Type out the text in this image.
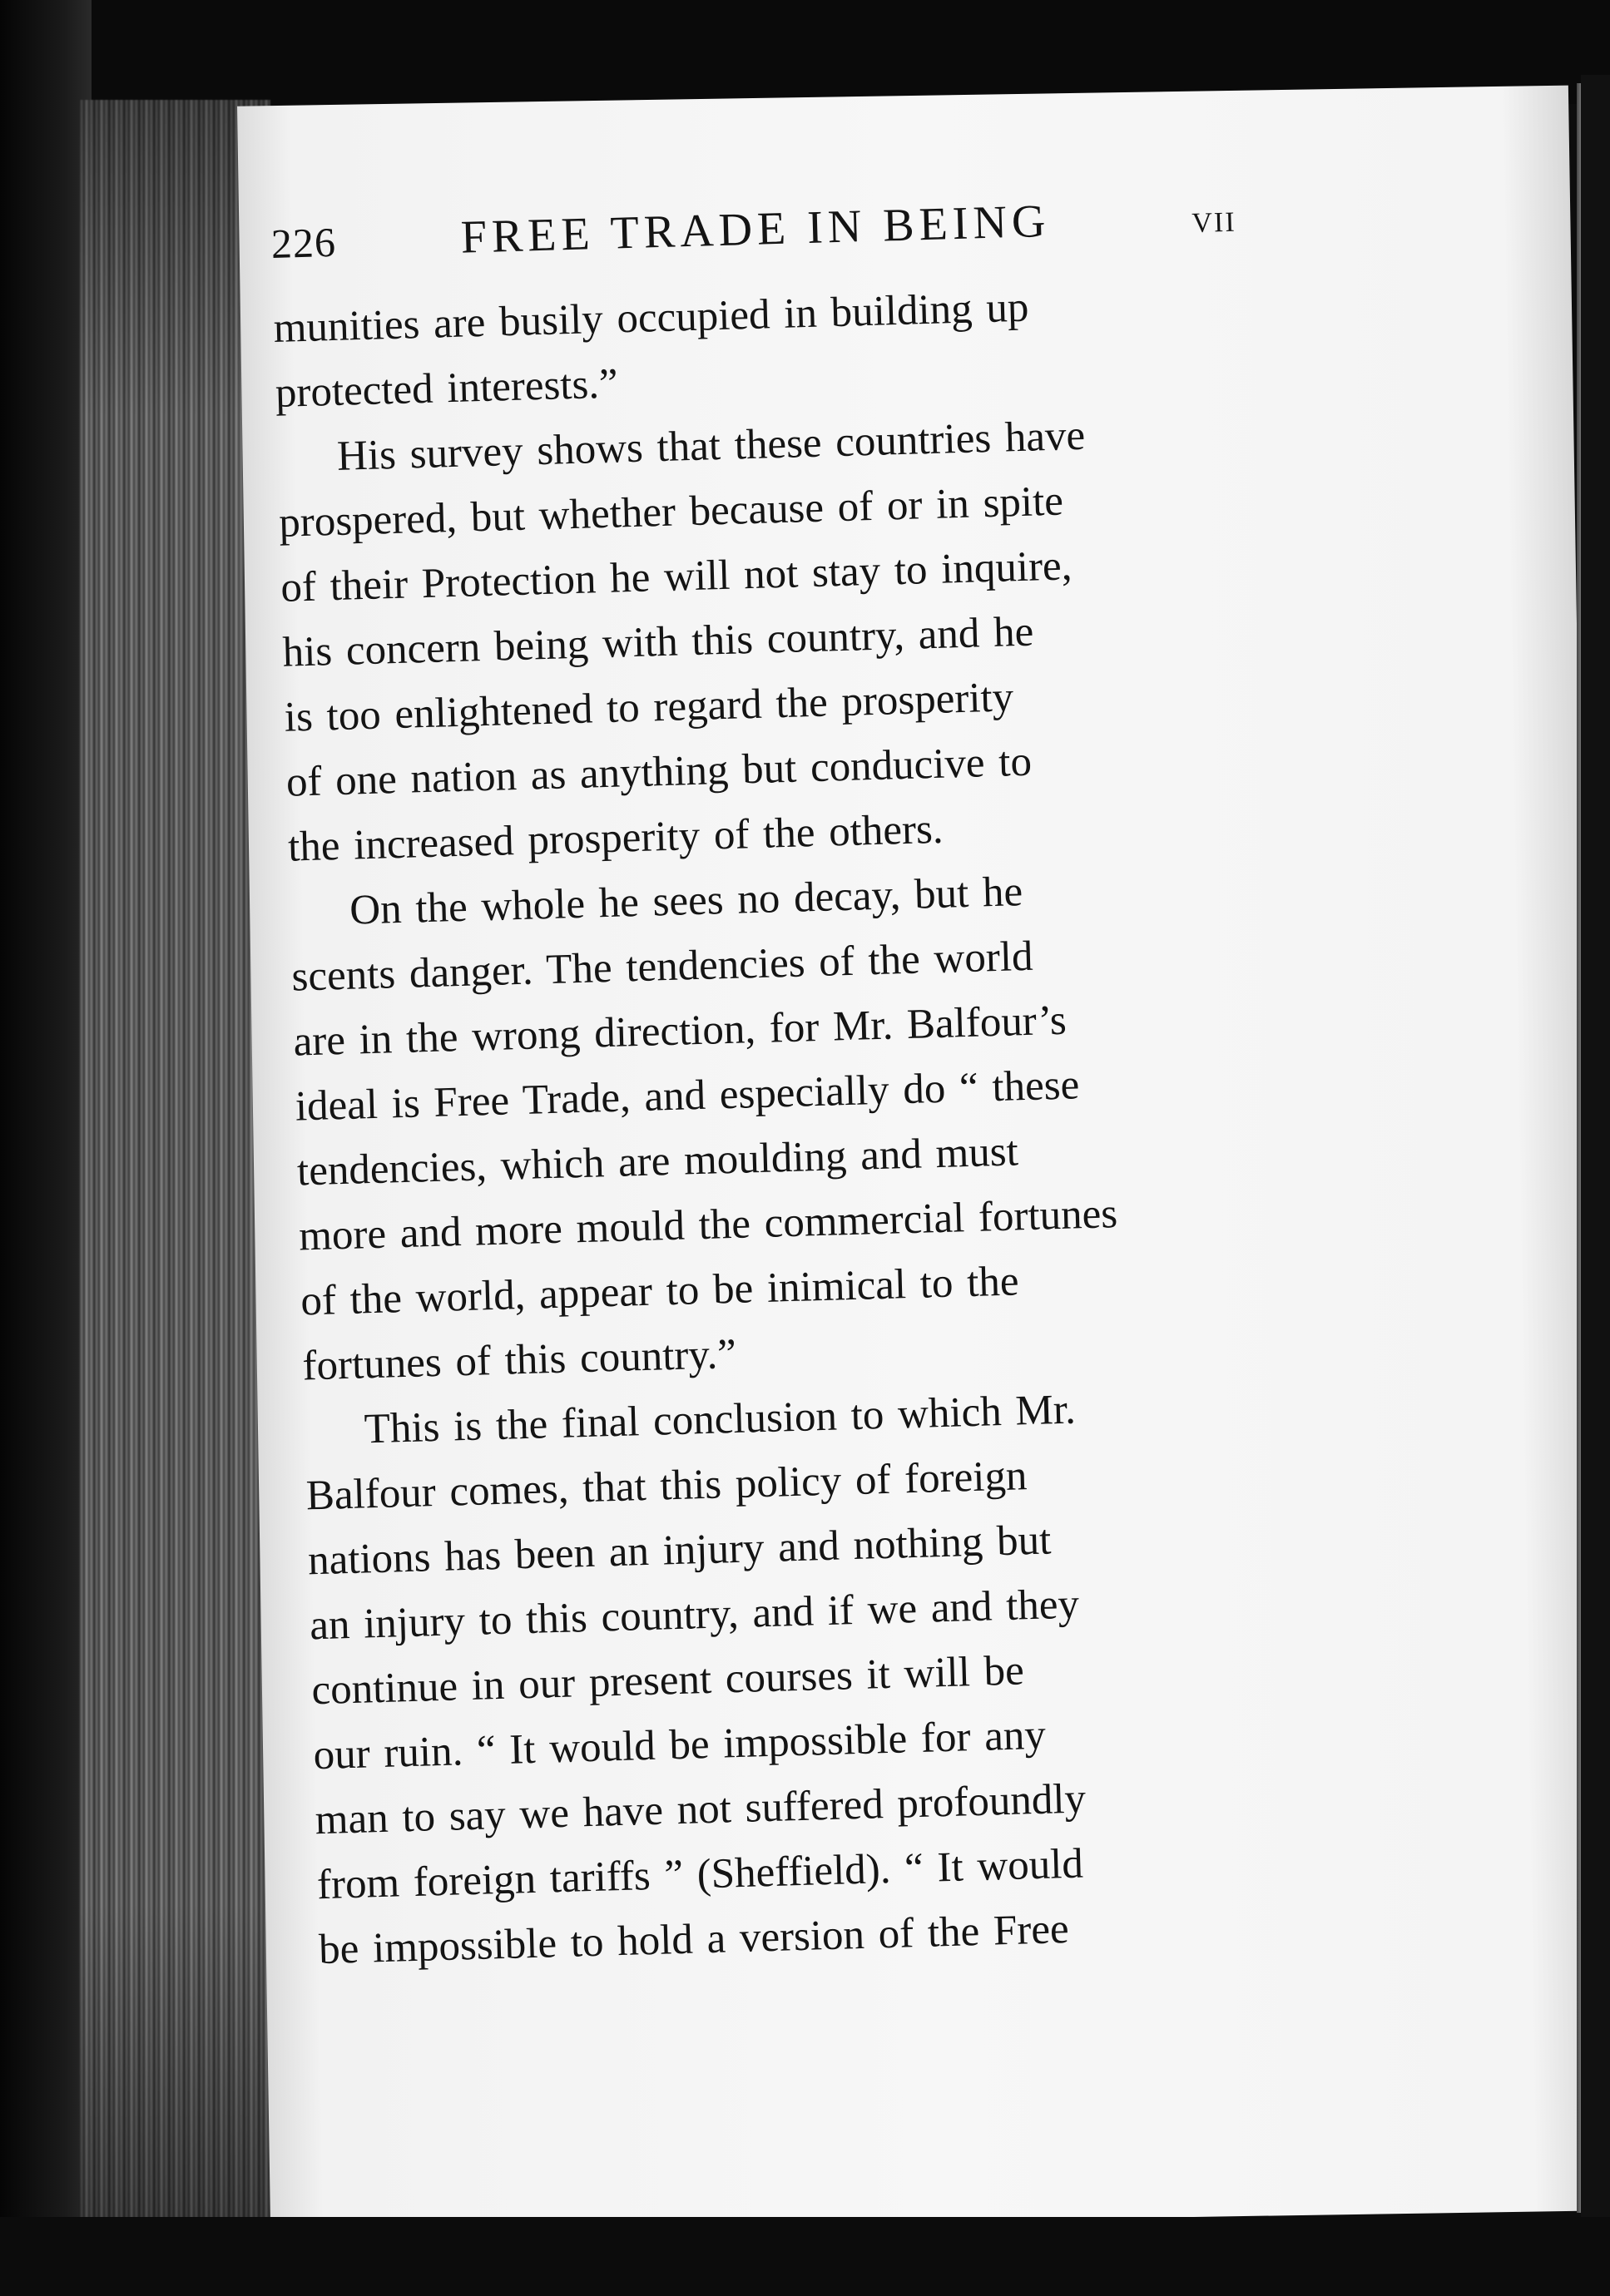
226	FREE TRADE IN BEING	VII
munities are busily occupied in building up
protected interests.”
His survey shows that these countries have
prospered, but whether because of or in spite
of their Protection he will not stay to inquire,
his concern being with this country, and he
is too enlightened to regard the prosperity
of one nation as anything but conducive to
the increased prosperity of the others.
On the whole he sees no decay, but he
scents danger. The tendencies of the world
are in the wrong direction, for Mr. Balfour’s
ideal is Free Trade, and especially do “ these
tendencies, which are moulding and must
more and more mould the commercial fortunes
of the world, appear to be inimical to the
fortunes of this country.”
This is the final conclusion to which Mr.
Balfour comes, that this policy of foreign
nations has been an injury and nothing but
an injury to this country, and if we and they
continue in our present courses it will be
our ruin. “ It would be impossible for any
man to say we have not suffered profoundly
from foreign tariffs ” (Sheffield). “ It would
be impossible to hold a version of the Free
